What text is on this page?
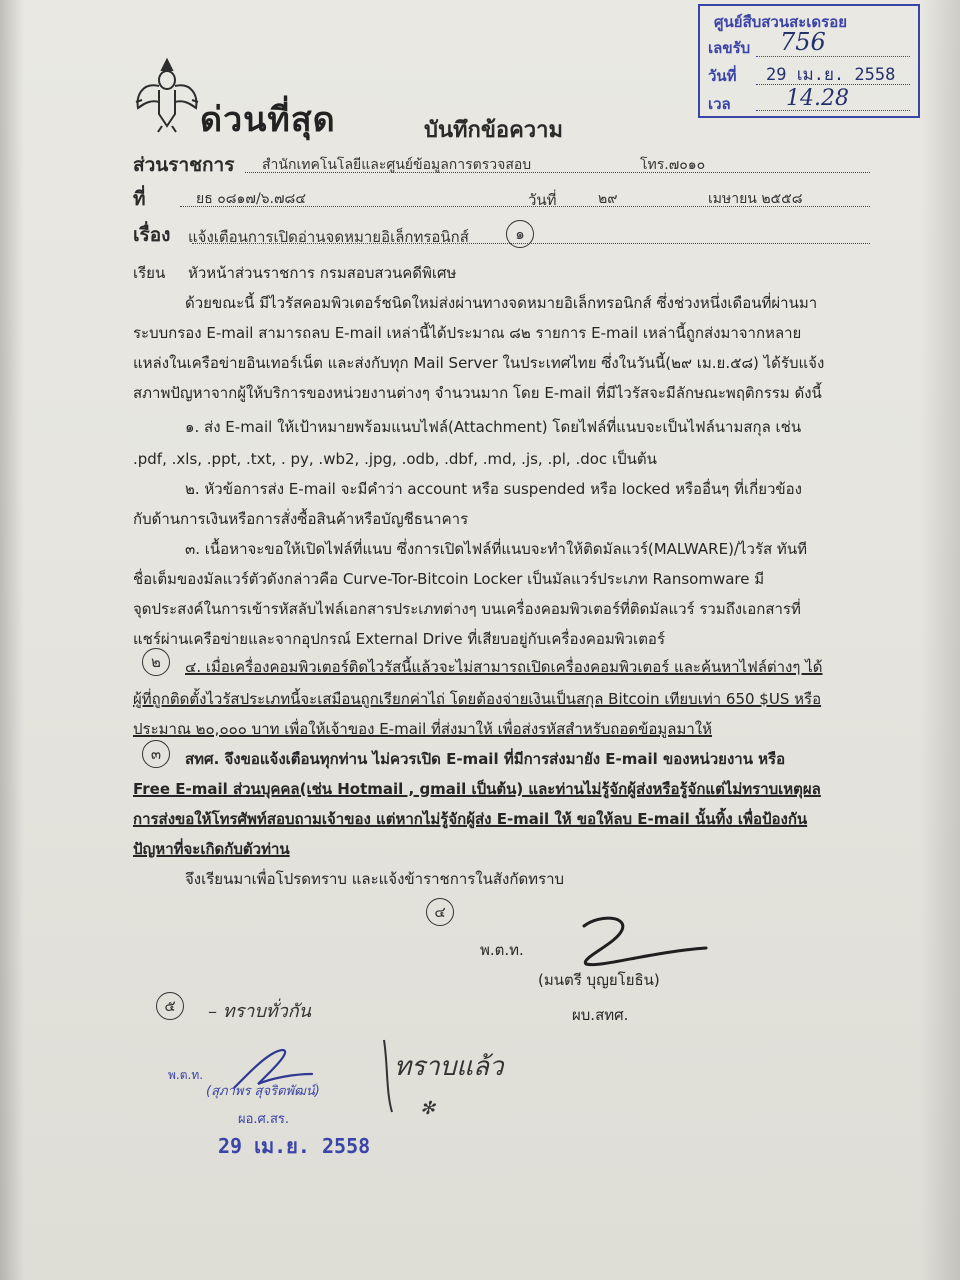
ศูนย์สืบสวนสะเดรอย
เลขรับ 756
วันที่ 29 เม.ย. 2558
เวล	14.28
ด่วนที่สุด	บันทึกข้อความ
ส่วนราชการ สำนักเทคโนโลยีและศูนย์ข้อมูลการตรวจสอบ	โทร.๗๐๑๐
ที่	ยธ ๐๘๑๗/๖.๗๘๔	วันที่	๒๙	เมษายน ๒๕๕๘
เรื่อง แจ้งเตือนการเปิดอ่านจดหมายอิเล็กทรอนิกส์	๑
เรียน หัวหน้าส่วนราชการ กรมสอบสวนคดีพิเศษ
ด้วยขณะนี้ มีไวรัสคอมพิวเตอร์ชนิดใหม่ส่งผ่านทางจดหมายอิเล็กทรอนิกส์ ซึ่งช่วงหนึ่งเดือนที่ผ่านมา
ระบบกรอง E-mail สามารถลบ E-mail เหล่านี้ได้ประมาณ ๘๒ รายการ E-mail เหล่านี้ถูกส่งมาจากหลาย
แหล่งในเครือข่ายอินเทอร์เน็ต และส่งกับทุก Mail Server ในประเทศไทย ซึ่งในวันนี้(๒๙ เม.ย.๕๘) ได้รับแจ้ง
สภาพปัญหาจากผู้ให้บริการของหน่วยงานต่างๆ จำนวนมาก โดย E-mail ที่มีไวรัสจะมีลักษณะพฤติกรรม ดังนี้
๑. ส่ง E-mail ให้เป้าหมายพร้อมแนบไฟล์(Attachment) โดยไฟล์ที่แนบจะเป็นไฟล์นามสกุล เช่น
.pdf, .xls, .ppt, .txt, . py, .wb2, .jpg, .odb, .dbf, .md, .js, .pl, .doc เป็นต้น
๒. หัวข้อการส่ง E-mail จะมีคำว่า account หรือ suspended หรือ locked หรืออื่นๆ ที่เกี่ยวข้อง
กับด้านการเงินหรือการสั่งซื้อสินค้าหรือบัญชีธนาคาร
๓. เนื้อหาจะขอให้เปิดไฟล์ที่แนบ ซึ่งการเปิดไฟล์ที่แนบจะทำให้ติดมัลแวร์(MALWARE)/ไวรัส ทันที
ชื่อเต็มของมัลแวร์ตัวดังกล่าวคือ Curve-Tor-Bitcoin Locker เป็นมัลแวร์ประเภท Ransomware มี
จุดประสงค์ในการเข้ารหัสลับไฟล์เอกสารประเภทต่างๆ บนเครื่องคอมพิวเตอร์ที่ติดมัลแวร์ รวมถึงเอกสารที่
แชร์ผ่านเครือข่ายและจากอุปกรณ์ External Drive ที่เสียบอยู่กับเครื่องคอมพิวเตอร์
๒	๔. เมื่อเครื่องคอมพิวเตอร์ติดไวรัสนี้แล้วจะไม่สามารถเปิดเครื่องคอมพิวเตอร์ และค้นหาไฟล์ต่างๆ ได้
ผู้ที่ถูกติดตั้งไวรัสประเภทนี้จะเสมือนถูกเรียกค่าไถ่ โดยต้องจ่ายเงินเป็นสกุล Bitcoin เทียบเท่า 650 $US หรือ
ประมาณ ๒๐,๐๐๐ บาท เพื่อให้เจ้าของ E-mail ที่ส่งมาให้ เพื่อส่งรหัสสำหรับถอดข้อมูลมาให้
๓	สทศ. จึงขอแจ้งเตือนทุกท่าน ไม่ควรเปิด E-mail ที่มีการส่งมายัง E-mail ของหน่วยงาน หรือ
Free E-mail ส่วนบุคคล(เช่น Hotmail , gmail เป็นต้น) และท่านไม่รู้จักผู้ส่งหรือรู้จักแต่ไม่ทราบเหตุผล
การส่งขอให้โทรศัพท์สอบถามเจ้าของ แต่หากไม่รู้จักผู้ส่ง E-mail ให้ ขอให้ลบ E-mail นั้นทิ้ง เพื่อป้องกัน
ปัญหาที่จะเกิดกับตัวท่าน
จึงเรียนมาเพื่อโปรดทราบ และแจ้งข้าราชการในสังกัดทราบ
๔
พ.ต.ท.
(มนตรี บุญยโยธิน)
ผบ.สทศ.
๕	– ทราบทั่วกัน
ทราบแล้ว
✻
พ.ต.ท.
(สุภาพร สุจริตพัฒน์)
ผอ.ศ.สร.
29 เม.ย. 2558
